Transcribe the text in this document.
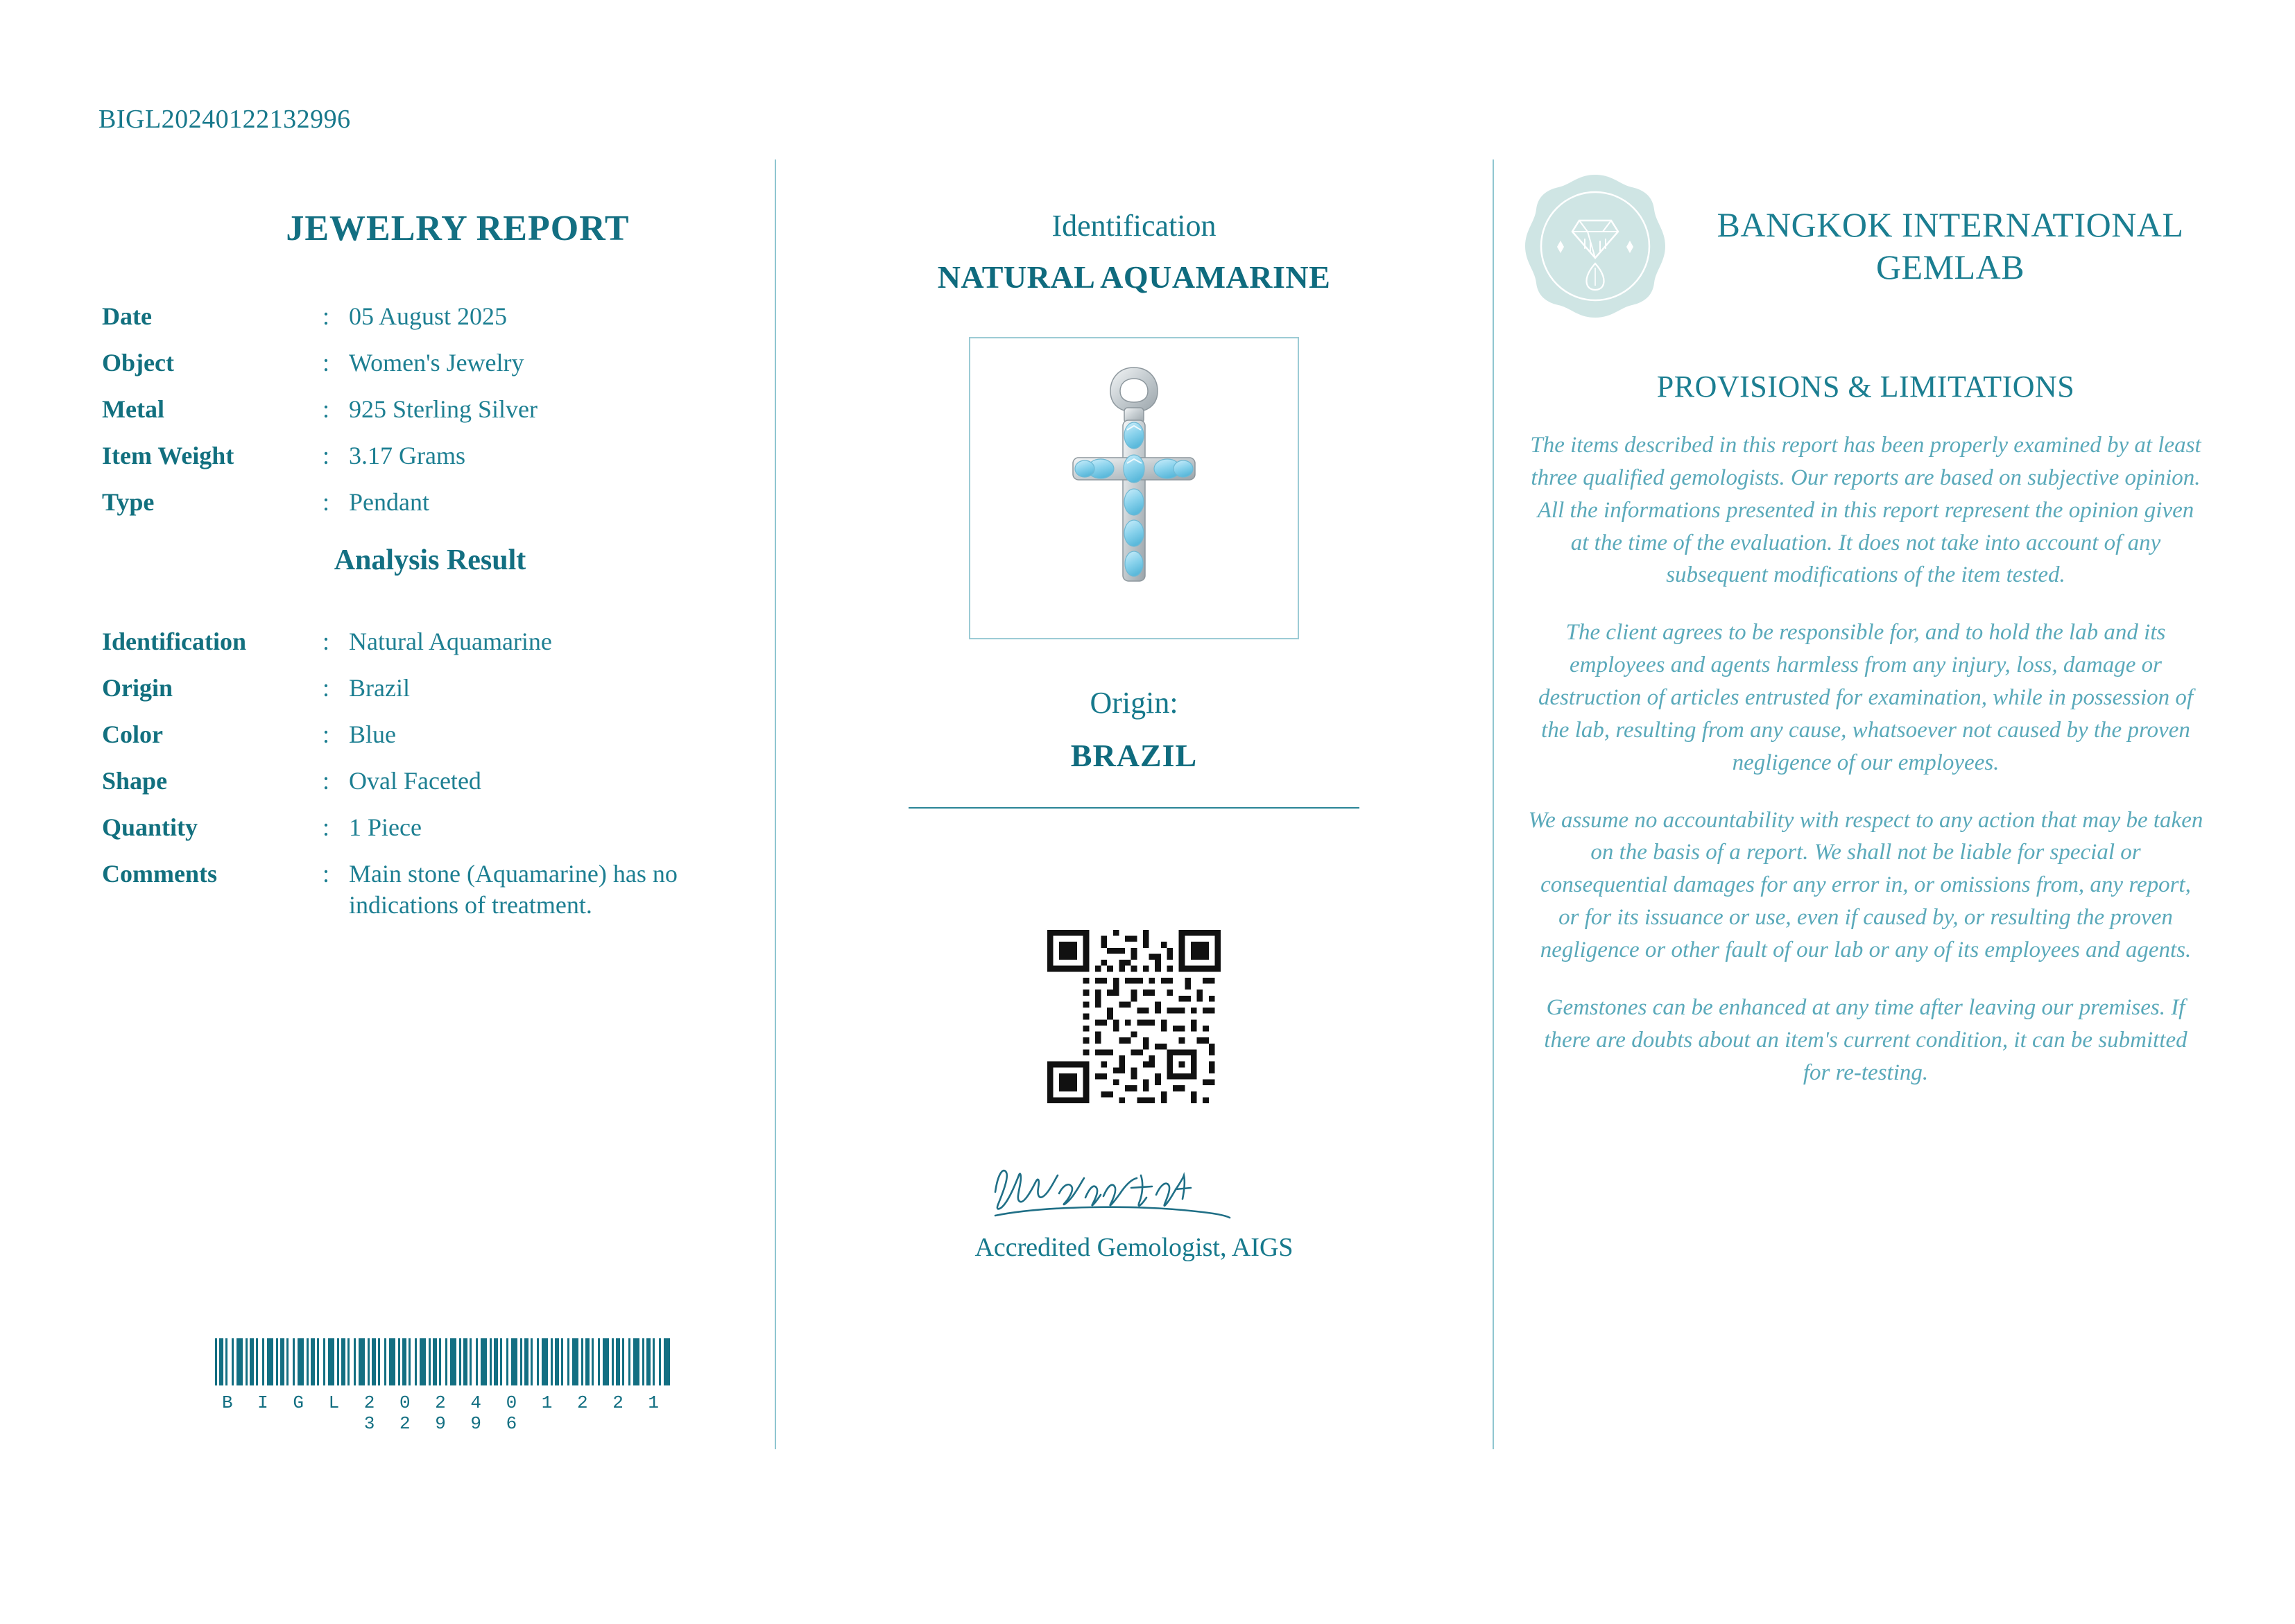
BIGL20240122132996
JEWELRY REPORT
Date	:	05 August 2025
Object	:	Women's Jewelry
Metal	:	925 Sterling Silver
Item Weight	:	3.17 Grams
Type	:	Pendant
Analysis Result
Identification	:	Natural Aquamarine
Origin	:	Brazil
Color	:	Blue
Shape	:	Oval Faceted
Quantity	:	1 Piece
Comments	:	Main stone (Aquamarine) has no indications of treatment.
B I G L 2 0 2 4 0 1 2 2 1 3 2 9 9 6
Identification
NATURAL AQUAMARINE
Origin:
BRAZIL
Accredited Gemologist, AIGS
BANGKOK INTERNATIONAL GEMLAB
PROVISIONS & LIMITATIONS
The items described in this report has been properly examined by at least three qualified gemologists. Our reports are based on subjective opinion. All the informations presented in this report represent the opinion given at the time of the evaluation. It does not take into account of any subsequent modifications of the item tested.
The client agrees to be responsible for, and to hold the lab and its employees and agents harmless from any injury, loss, damage or destruction of articles entrusted for examination, while in possession of the lab, resulting from any cause, whatsoever not caused by the proven negligence of our employees.
We assume no accountability with respect to any action that may be taken on the basis of a report. We shall not be liable for special or consequential damages for any error in, or omissions from, any report, or for its issuance or use, even if caused by, or resulting the proven negligence or other fault of our lab or any of its employees and agents.
Gemstones can be enhanced at any time after leaving our premises. If there are doubts about an item's current condition, it can be submitted for re-testing.
